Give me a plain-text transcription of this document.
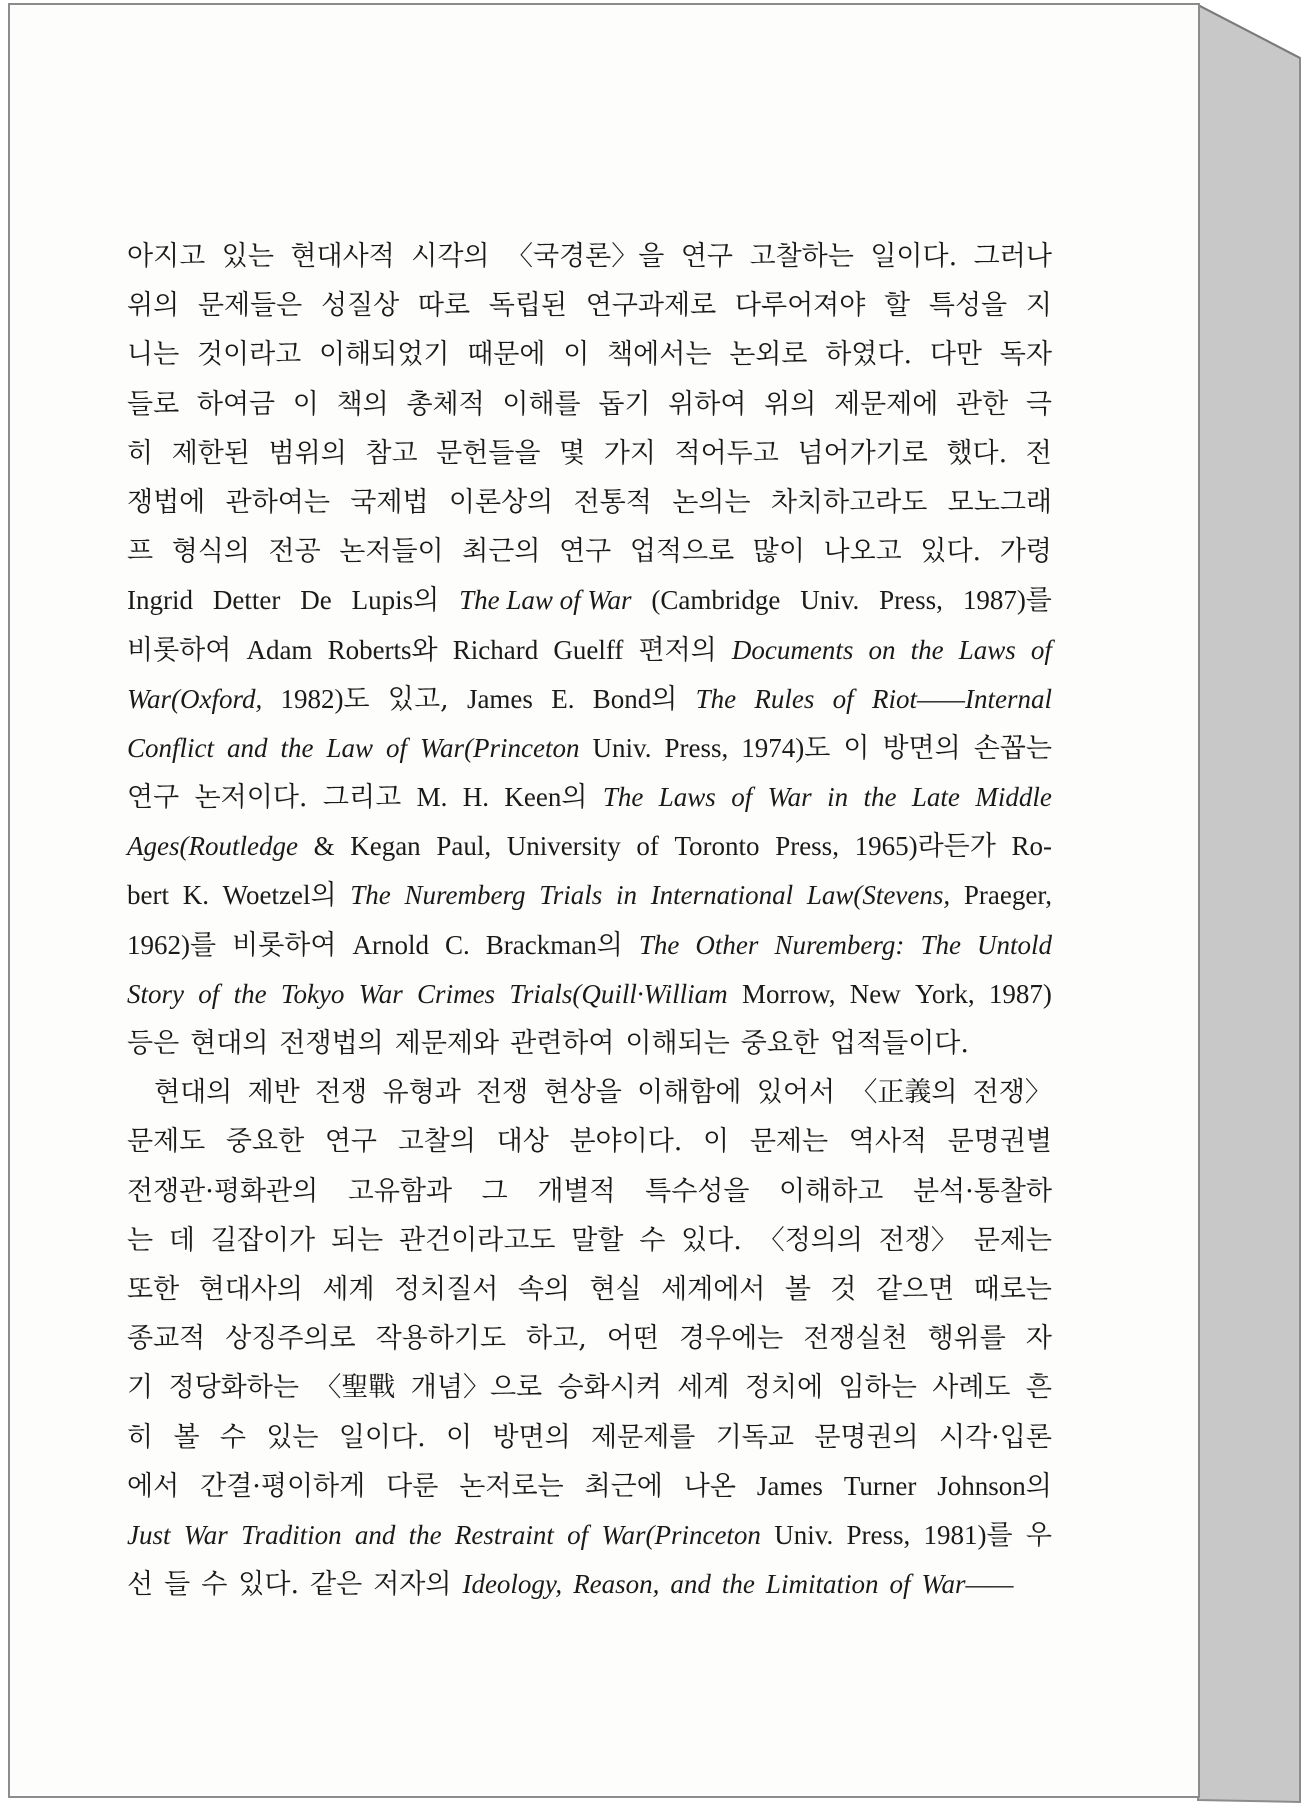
아지고 있는 현대사적 시각의 〈국경론〉을 연구 고찰하는 일이다. 그러나
위의 문제들은 성질상 따로 독립된 연구과제로 다루어져야 할 특성을 지
니는 것이라고 이해되었기 때문에 이 책에서는 논외로 하였다. 다만 독자
들로 하여금 이 책의 총체적 이해를 돕기 위하여 위의 제문제에 관한 극
히 제한된 범위의 참고 문헌들을 몇 가지 적어두고 넘어가기로 했다. 전
쟁법에 관하여는 국제법 이론상의 전통적 논의는 차치하고라도 모노그래
프 형식의 전공 논저들이 최근의 연구 업적으로 많이 나오고 있다. 가령
Ingrid Detter De Lupis의 The Law of War (Cambridge Univ. Press, 1987)를
비롯하여 Adam Roberts와 Richard Guelff 편저의 Documents on the Laws of
War(Oxford, 1982)도 있고, James E. Bond의 The Rules of Riot——Internal
Conflict and the Law of War(Princeton Univ. Press, 1974)도 이 방면의 손꼽는
연구 논저이다. 그리고 M. H. Keen의 The Laws of War in the Late Middle
Ages(Routledge & Kegan Paul, University of Toronto Press, 1965)라든가 Ro-
bert K. Woetzel의 The Nuremberg Trials in International Law(Stevens, Praeger,
1962)를 비롯하여 Arnold C. Brackman의 The Other Nuremberg: The Untold
Story of the Tokyo War Crimes Trials(Quill·William Morrow, New York, 1987)
등은 현대의 전쟁법의 제문제와 관련하여 이해되는 중요한 업적들이다.
현대의 제반 전쟁 유형과 전쟁 현상을 이해함에 있어서 〈正義의 전쟁〉
문제도 중요한 연구 고찰의 대상 분야이다. 이 문제는 역사적 문명권별
전쟁관·평화관의 고유함과 그 개별적 특수성을 이해하고 분석·통찰하
는 데 길잡이가 되는 관건이라고도 말할 수 있다. 〈정의의 전쟁〉 문제는
또한 현대사의 세계 정치질서 속의 현실 세계에서 볼 것 같으면 때로는
종교적 상징주의로 작용하기도 하고, 어떤 경우에는 전쟁실천 행위를 자
기 정당화하는 〈聖戰 개념〉으로 승화시켜 세계 정치에 임하는 사례도 흔
히 볼 수 있는 일이다. 이 방면의 제문제를 기독교 문명권의 시각·입론
에서 간결·평이하게 다룬 논저로는 최근에 나온 James Turner Johnson의
Just War Tradition and the Restraint of War(Princeton Univ. Press, 1981)를 우
선 들 수 있다. 같은 저자의 Ideology, Reason, and the Limitation of War——
